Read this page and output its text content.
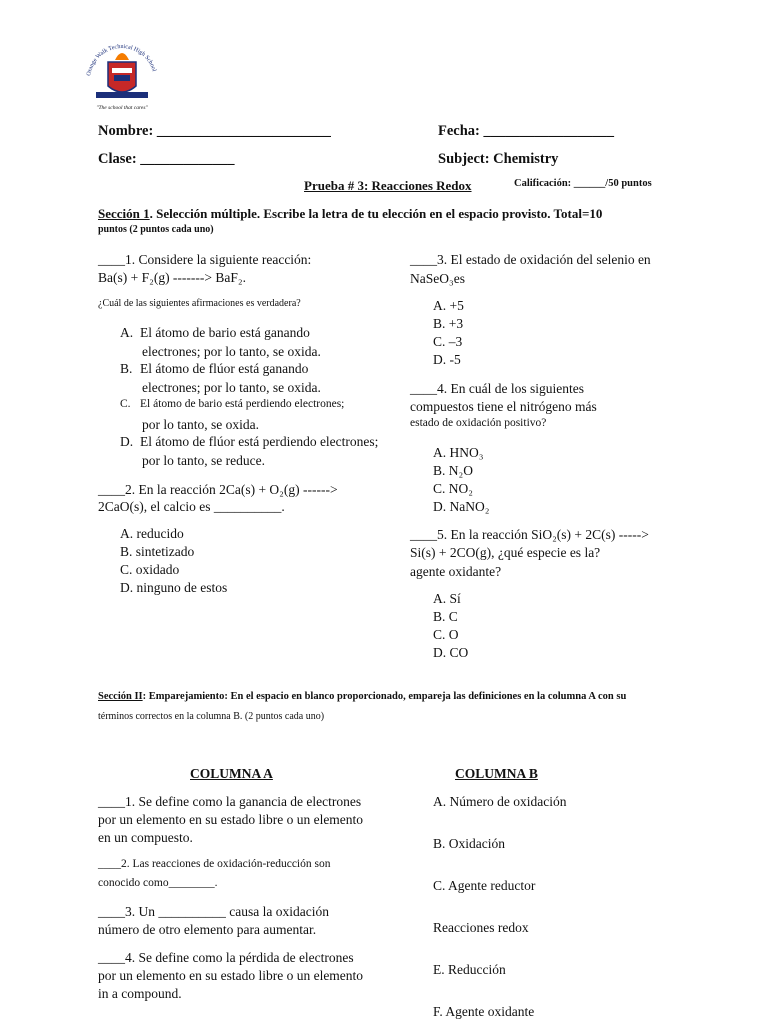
Orange Walk Technical High School
"The school that cares"
Nombre: ________________________	Fecha: __________________
Clase: _____________	Subject: Chemistry
Prueba # 3: Reacciones Redox	Calificación: ______/50 puntos
Sección 1. Selección múltiple. Escribe la letra de tu elección en el espacio provisto. Total=10
puntos (2 puntos cada uno)
____1. Considere la siguiente reacción:
Ba(s) + F₂(g) -------> BaF₂.
¿Cuál de las siguientes afirmaciones es verdadera?
A. El átomo de bario está ganando
electrones; por lo tanto, se oxida.
B. El átomo de flúor está ganando
electrones; por lo tanto, se oxida.
C. El átomo de bario está perdiendo electrones;
por lo tanto, se oxida.
D. El átomo de flúor está perdiendo electrones;
por lo tanto, se reduce.
____2. En la reacción 2Ca(s) + O₂(g) ------>
2CaO(s), el calcio es __________.
A. reducido
B. sintetizado
C. oxidado
D. ninguno de estos
____3. El estado de oxidación del selenio en
NaSeO₃es
A. +5
B. +3
C. –3
D. -5
____4. En cuál de los siguientes
compuestos tiene el nitrógeno más
estado de oxidación positivo?
A. HNO₃
B. N₂O
C. NO₂
D. NaNO₂
____5. En la reacción SiO₂(s) + 2C(s) ----->
Si(s) + 2CO(g), ¿qué especie es la?
agente oxidante?
A. Sí
B. C
C. O
D. CO
Sección II: Emparejamiento: En el espacio en blanco proporcionado, empareja las definiciones en la columna A con su
términos correctos en la columna B. (2 puntos cada uno)
COLUMNA A	COLUMNA B
____1. Se define como la ganancia de electrones
por un elemento en su estado libre o un elemento
en un compuesto.
____2. Las reacciones de oxidación-reducción son
conocido como________.
____3. Un __________ causa la oxidación
número de otro elemento para aumentar.
____4. Se define como la pérdida de electrones
por un elemento en su estado libre o un elemento
in a compound.
A. Número de oxidación
B. Oxidación
C. Agente reductor
Reacciones redox
E. Reducción
F. Agente oxidante
